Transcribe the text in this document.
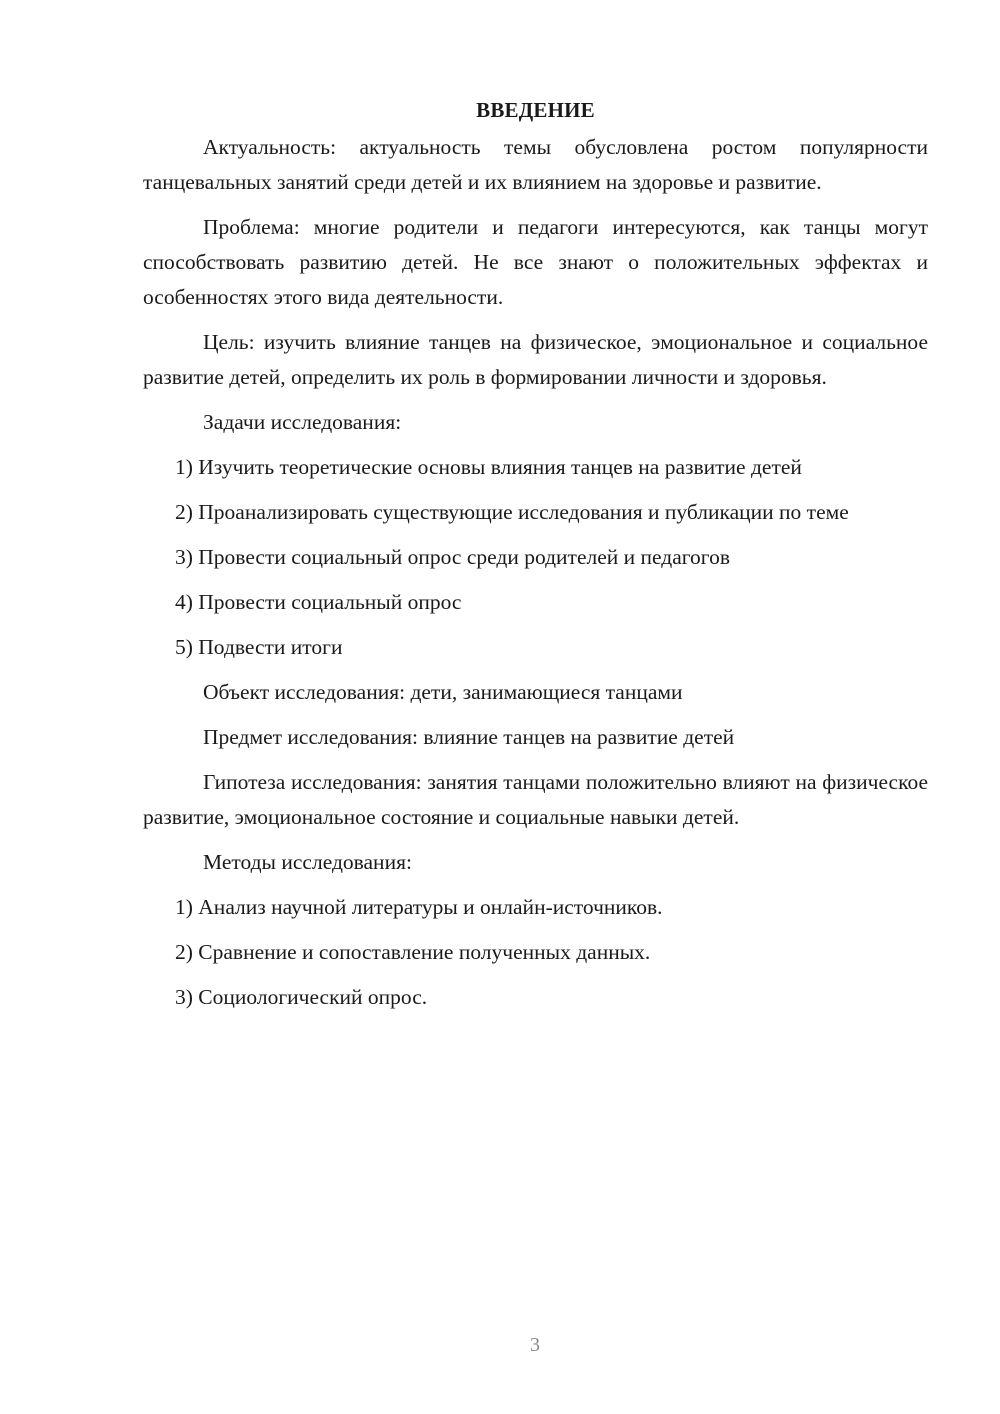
ВВЕДЕНИЕ

Актуальность: актуальность темы обусловлена ростом популярности танцевальных занятий среди детей и их влиянием на здоровье и развитие.

Проблема: многие родители и педагоги интересуются, как танцы могут способствовать развитию детей. Не все знают о положительных эффектах и особенностях этого вида деятельности.

Цель: изучить влияние танцев на физическое, эмоциональное и социальное развитие детей, определить их роль в формировании личности и здоровья.

Задачи исследования:

1) Изучить теоретические основы влияния танцев на развитие детей

2) Проанализировать существующие исследования и публикации по теме

3) Провести социальный опрос среди родителей и педагогов

4) Провести социальный опрос

5) Подвести итоги

Объект исследования: дети, занимающиеся танцами

Предмет исследования: влияние танцев на развитие детей

Гипотеза исследования: занятия танцами положительно влияют на физическое развитие, эмоциональное состояние и социальные навыки детей.

Методы исследования:

1) Анализ научной литературы и онлайн-источников.

2) Сравнение и сопоставление полученных данных.

3) Социологический опрос.

3
